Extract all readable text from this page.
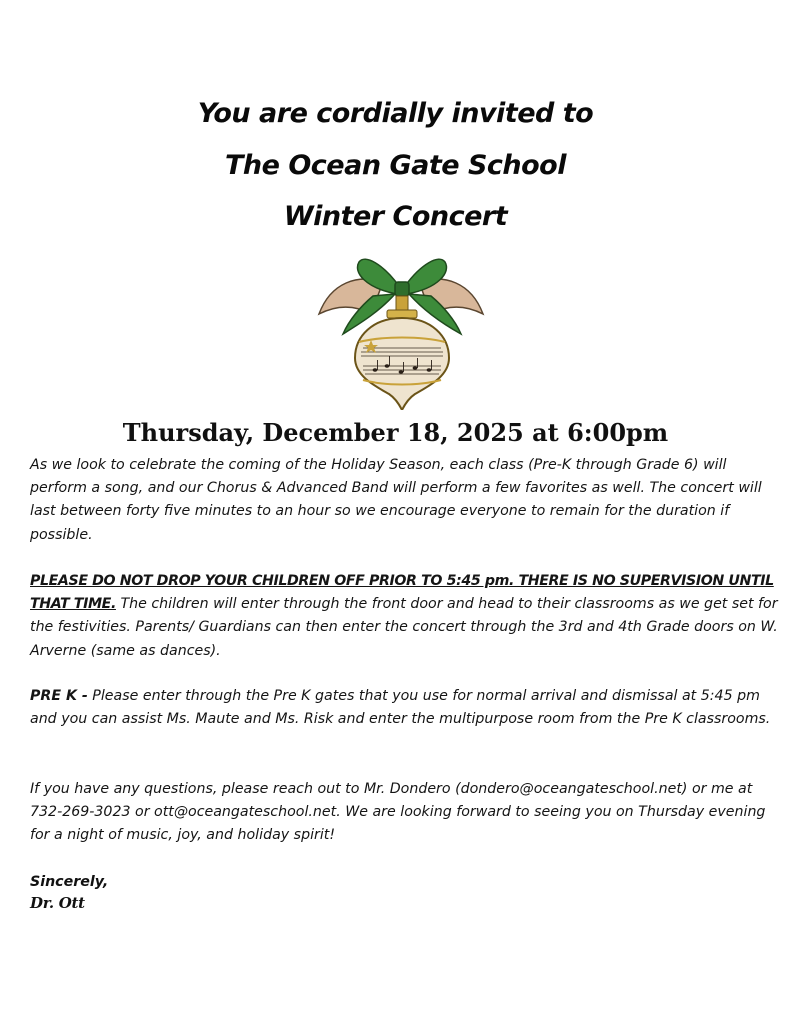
You are cordially invited to
The Ocean Gate School
Winter Concert
Thursday, December 18, 2025 at 6:00pm

As we look to celebrate the coming of the Holiday Season, each class (Pre-K through Grade 6) will perform a song, and our Chorus & Advanced Band will perform a few favorites as well. The concert will last between forty five minutes to an hour so we encourage everyone to remain for the duration if possible.

PLEASE DO NOT DROP YOUR CHILDREN OFF PRIOR TO 5:45 pm. THERE IS NO SUPERVISION UNTIL THAT TIME. The children will enter through the front door and head to their classrooms as we get set for the festivities. Parents/ Guardians can then enter the concert through the 3rd and 4th Grade doors on W. Arverne (same as dances).

PRE K - Please enter through the Pre K gates that you use for normal arrival and dismissal at 5:45 pm and you can assist Ms. Maute and Ms. Risk and enter the multipurpose room from the Pre K classrooms.

If you have any questions, please reach out to Mr. Dondero (dondero@oceangateschool.net) or me at 732-269-3023 or ott@oceangateschool.net. We are looking forward to seeing you on Thursday evening for a night of music, joy, and holiday spirit!

Sincerely,
Dr. Ott
